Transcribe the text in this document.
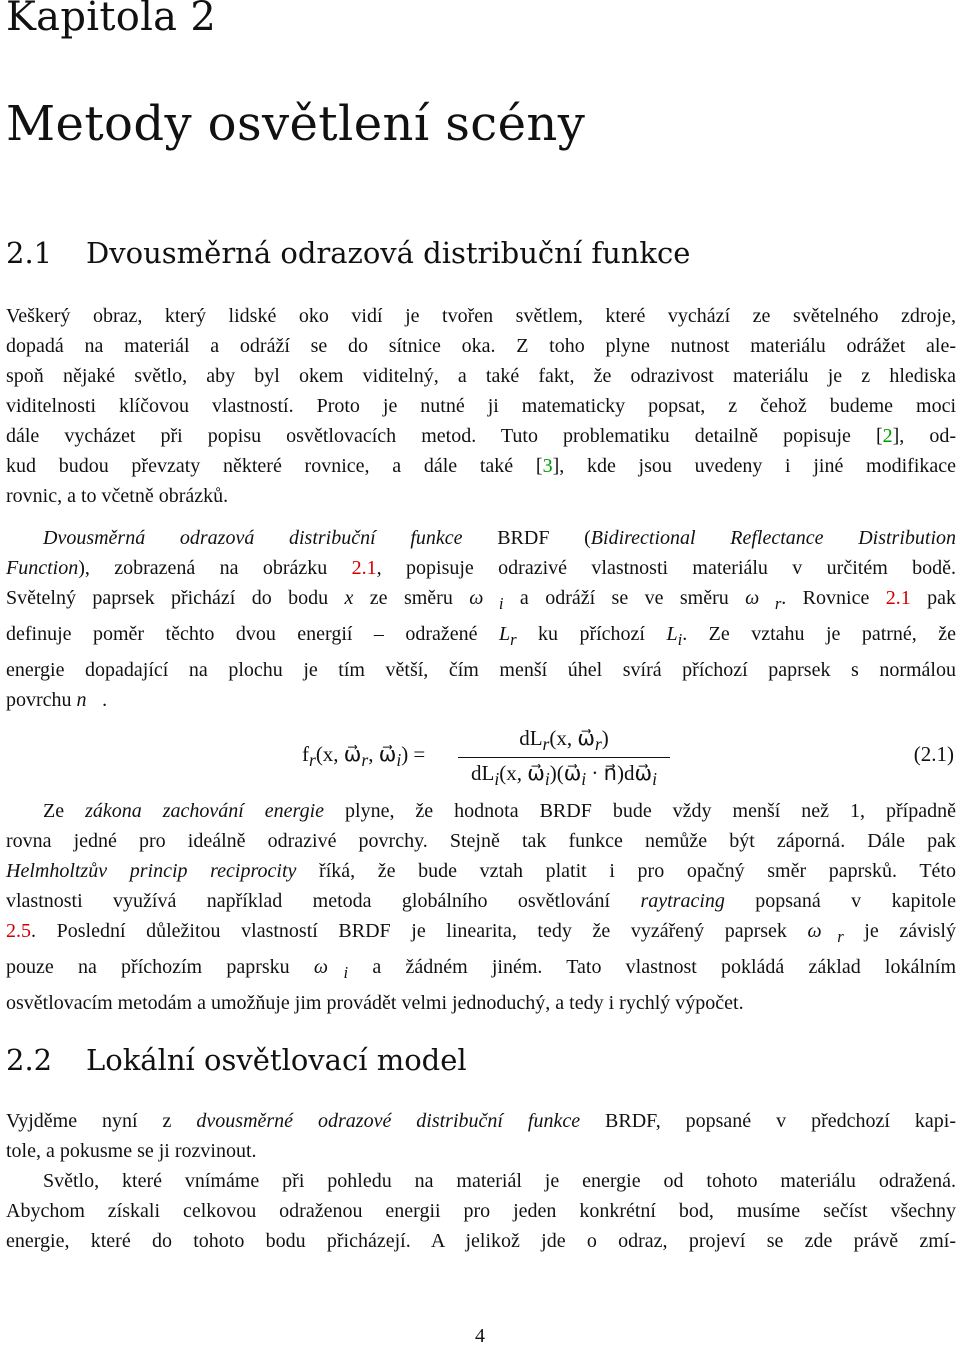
Kapitola 2
Metody osvětlení scény
2.1 Dvousměrná odrazová distribuční funkce
Veškerý obraz, který lidské oko vidí je tvořen světlem, které vychází ze světelného zdroje,
dopadá na materiál a odráží se do sítnice oka. Z toho plyne nutnost materiálu odrážet ale-
spoň nějaké světlo, aby byl okem viditelný, a také fakt, že odrazivost materiálu je z hlediska
viditelnosti klíčovou vlastností. Proto je nutné ji matematicky popsat, z čehož budeme moci
dále vycházet při popisu osvětlovacích metod. Tuto problematiku detailně popisuje [2], od-
kud budou převzaty některé rovnice, a dále také [3], kde jsou uvedeny i jiné modifikace
rovnic, a to včetně obrázků.
Dvousměrná odrazová distribuční funkce BRDF (Bidirectional Reflectance Distribution
Function), zobrazená na obrázku 2.1, popisuje odrazivé vlastnosti materiálu v určitém bodě.
Světelný paprsek přichází do bodu x ze směru $\omega⃗_i$ a odráží se ve směru $\omega⃗_r$. Rovnice 2.1 pak
definuje poměr těchto dvou energií – odražené $L_r$ ku příchozí $L_i$. Ze vztahu je patrné, že
energie dopadající na plochu je tím větší, čím menší úhel svírá příchozí paprsek s normálou
povrchu n⃗.
$f_r(x$, $\omega⃗_r$, $\omega⃗_i$) =
$dL_r(x$, $\omega⃗_r$)
$dL_i(x$, $\omega⃗_i)(\omega⃗_i$ · $n⃗)d\omega⃗_i$
(2.1)
Ze zákona zachování energie plyne, že hodnota BRDF bude vždy menší než 1, případně
rovna jedné pro ideálně odrazivé povrchy. Stejně tak funkce nemůže být záporná. Dále pak
Helmholtzův princip reciprocity říká, že bude vztah platit i pro opačný směr paprsků. Této
vlastnosti využívá například metoda globálního osvětlování raytracing popsaná v kapitole
2.5. Poslední důležitou vlastností BRDF je linearita, tedy že vyzářený paprsek $\omega⃗_r$ je závislý
pouze na příchozím paprsku $\omega⃗_i$ a žádném jiném. Tato vlastnost pokládá základ lokálním
osvětlovacím metodám a umožňuje jim provádět velmi jednoduchý, a tedy i rychlý výpočet.
2.2 Lokální osvětlovací model
Vyjděme nyní z dvousměrné odrazové distribuční funkce BRDF, popsané v předchozí kapi-
tole, a pokusme se ji rozvinout.
Světlo, které vnímáme při pohledu na materiál je energie od tohoto materiálu odražená.
Abychom získali celkovou odraženou energii pro jeden konkrétní bod, musíme sečíst všechny
energie, které do tohoto bodu přicházejí. A jelikož jde o odraz, projeví se zde právě zmí-
4
